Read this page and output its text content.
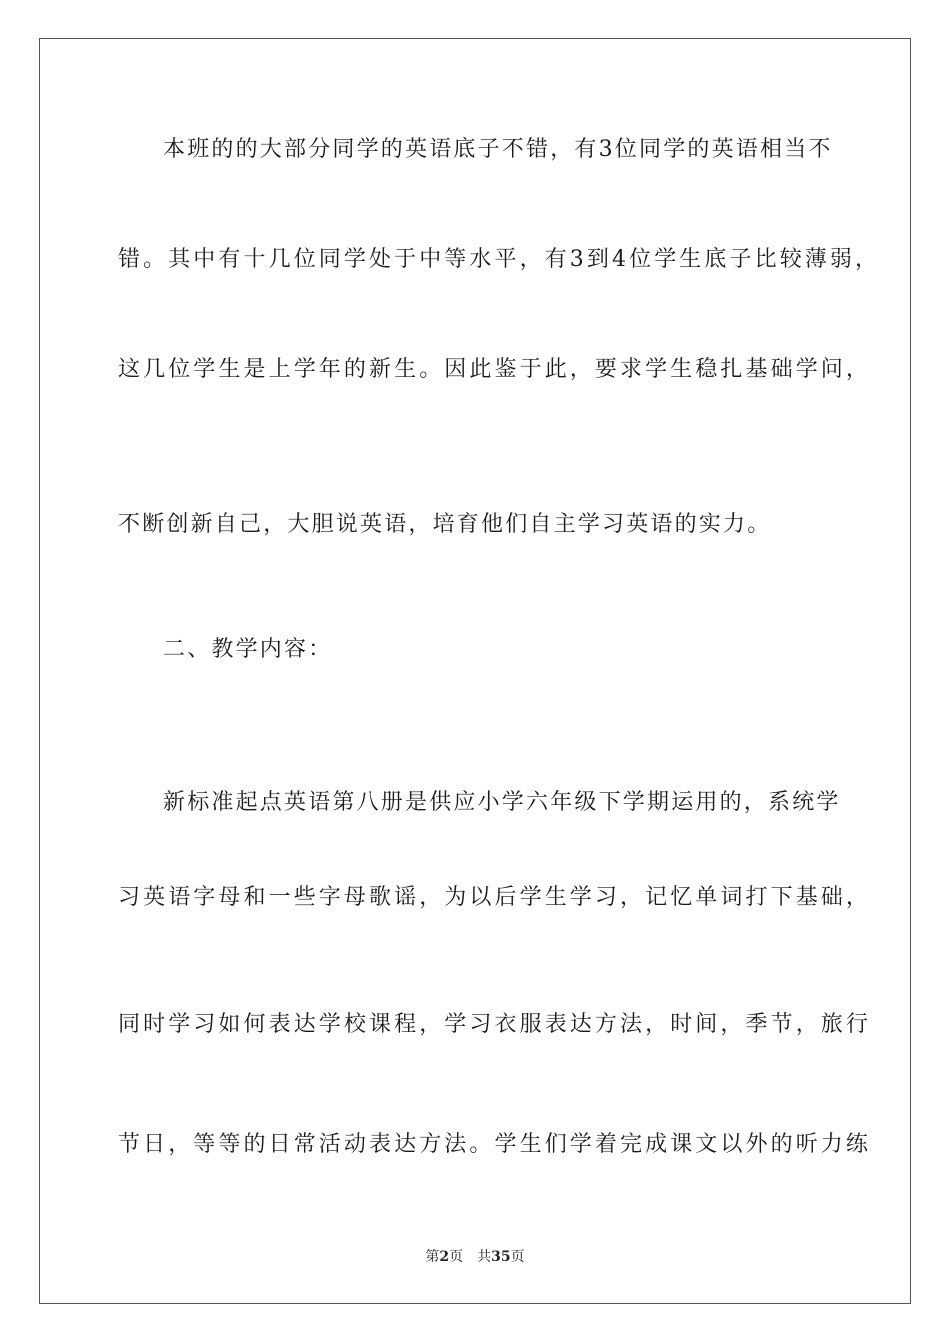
本班的的大部分同学的英语底子不错，有3位同学的英语相当不
错。其中有十几位同学处于中等水平，有3到4位学生底子比较薄弱，
这几位学生是上学年的新生。因此鉴于此，要求学生稳扎基础学问，
不断创新自己，大胆说英语，培育他们自主学习英语的实力。
二、教学内容：
新标准起点英语第八册是供应小学六年级下学期运用的，系统学
习英语字母和一些字母歌谣，为以后学生学习，记忆单词打下基础，
同时学习如何表达学校课程，学习衣服表达方法，时间，季节，旅行
节日，等等的日常活动表达方法。学生们学着完成课文以外的听力练
第2页 共35页
